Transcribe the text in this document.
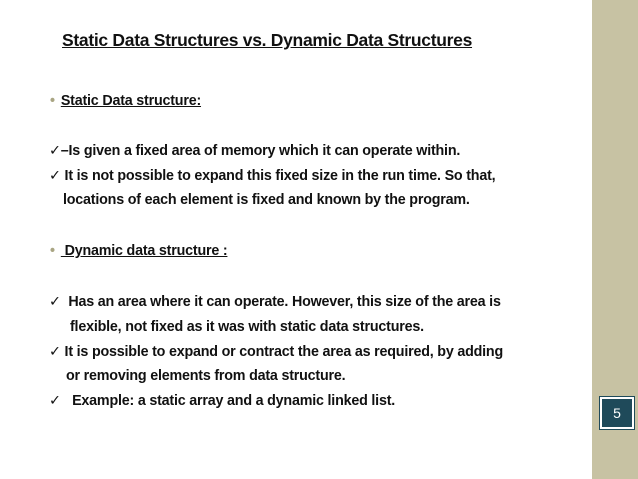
5
Static Data Structures vs. Dynamic Data Structures
• Static Data structure:
✓–Is given a fixed area of memory which it can operate within.
✓ It is not possible to expand this fixed size in the run time. So that,
locations of each element is fixed and known by the program.
• Dynamic data structure :
✓  Has an area where it can operate. However, this size of the area is
flexible, not fixed as it was with static data structures.
✓ It is possible to expand or contract the area as required, by adding
or removing elements from data structure.
✓   Example: a static array and a dynamic linked list.
